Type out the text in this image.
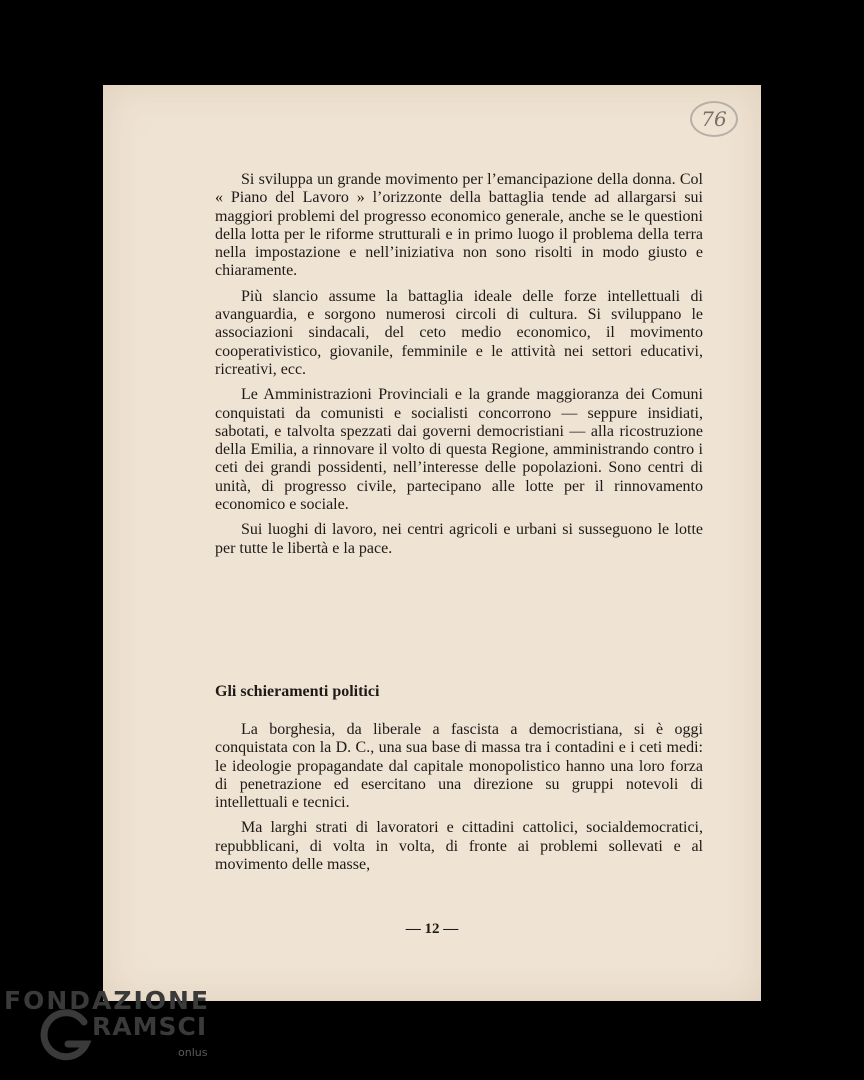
76

Si sviluppa un grande movimento per l’emancipazione della donna. Col « Piano del Lavoro » l’orizzonte della battaglia tende ad allargarsi sui maggiori problemi del progresso economico generale, anche se le questioni della lotta per le riforme strutturali e in primo luogo il problema della terra nella impostazione e nell’iniziativa non sono risolti in modo giusto e chiaramente.

Più slancio assume la battaglia ideale delle forze intellettuali di avanguardia, e sorgono numerosi circoli di cultura. Si sviluppano le associazioni sindacali, del ceto medio economico, il movimento cooperativistico, giovanile, femminile e le attività nei settori educativi, ricreativi, ecc.

Le Amministrazioni Provinciali e la grande maggioranza dei Comuni conquistati da comunisti e socialisti concorrono — seppure insidiati, sabotati, e talvolta spezzati dai governi democristiani — alla ricostruzione della Emilia, a rinnovare il volto di questa Regione, amministrando contro i ceti dei grandi possidenti, nell’interesse delle popolazioni. Sono centri di unità, di progresso civile, partecipano alle lotte per il rinnovamento economico e sociale.

Sui luoghi di lavoro, nei centri agricoli e urbani si susseguono le lotte per tutte le libertà e la pace.

Gli schieramenti politici

La borghesia, da liberale a fascista a democristiana, si è oggi conquistata con la D. C., una sua base di massa tra i contadini e i ceti medi: le ideologie propagandate dal capitale monopolistico hanno una loro forza di penetrazione ed esercitano una direzione su gruppi notevoli di intellettuali e tecnici.

Ma larghi strati di lavoratori e cittadini cattolici, socialdemocratici, repubblicani, di volta in volta, di fronte ai problemi sollevati e al movimento delle masse,

— 12 —
FONDAZIONE
RAMSCI
onlus
